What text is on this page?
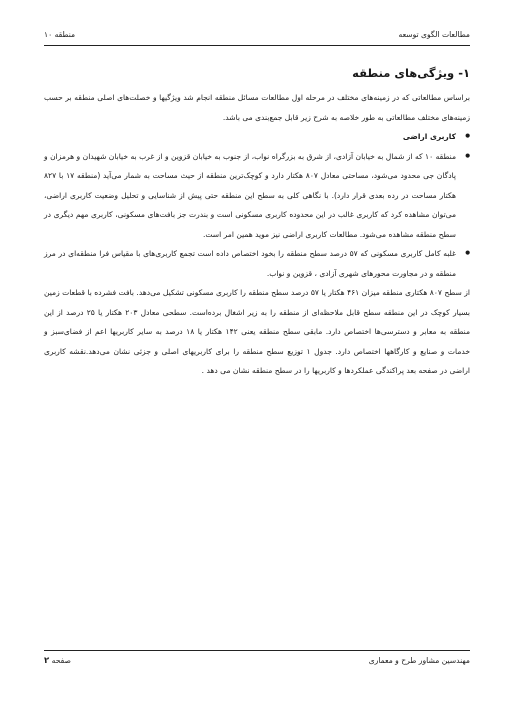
مطالعات الگوی توسعه
منطقه ۱۰
۱- ویژگی‌های منطقه

براساس مطالعاتی که در زمینه‌های مختلف در مرحله اول مطالعات مسائل منطقه انجام شد ویژگیها و خصلت‌های اصلی منطقه بر حسب زمینه‌های مختلف مطالعاتی به طور خلاصه به شرح زیر قابل جمع‌بندی می باشد.

● کاربری اراضی
● منطقه ۱۰ که از شمال به خیابان آزادی، از شرق به بزرگراه نواب، از جنوب به خیابان قزوین و از غرب به خیابان شهیدان و هرمزان و پادگان جی محدود می‌شود، مساحتی معادل ۸۰۷ هکتار دارد و کوچک‌ترین منطقه از حیث مساحت به شمار می‌آید (منطقه ۱۷ با ۸۲۷ هکتار مساحت در رده بعدی قرار دارد). با نگاهی کلی به سطح این منطقه حتی پیش از شناسایی و تحلیل وضعیت کاربری اراضی، می‌توان مشاهده کرد که کاربری غالب در این محدوده کاربری مسکونی است و بندرت جز بافت‌های مسکونی، کاربری مهم دیگری در سطح منطقه مشاهده می‌شود. مطالعات کاربری اراضی نیز موید همین امر است.
● غلبه کامل کاربری مسکونی که ۵۷ درصد سطح منطقه را بخود اختصاص داده است تجمع کاربری‌های با مقیاس فرا منطقه‌ای در مرز منطقه و در مجاورت محورهای شهری آزادی ، قزوین و نواب.

از سطح ۸۰۷ هکتاری منطقه میزان ۴۶۱ هکتار یا ۵۷ درصد سطح منطقه را کاربری مسکونی تشکیل می‌دهد. بافت فشرده با قطعات زمین بسیار کوچک در این منطقه سطح قابل ملاحظه‌ای از منطقه را به زیر اشغال برده‌است. سطحی معادل ۲۰۳ هکتار یا ۲۵ درصد از این منطقه به معابر و دسترسی‌ها اختصاص دارد. مابقی سطح منطقه یعنی ۱۴۲ هکتار یا ۱۸ درصد به سایر کاربریها اعم از فضای‌سبز و خدمات و صنایع و کارگاهها اختصاص دارد. جدول ۱ توزیع سطح منطقه را برای کاربریهای اصلی و جزئی نشان می‌دهد.نقشه کاربری اراضی در صفحه بعد پراکندگی عملکردها و کاربریها را در سطح منطقه نشان می دهد .

مهندسین مشاور طرح و معماری
صفحه ۲
